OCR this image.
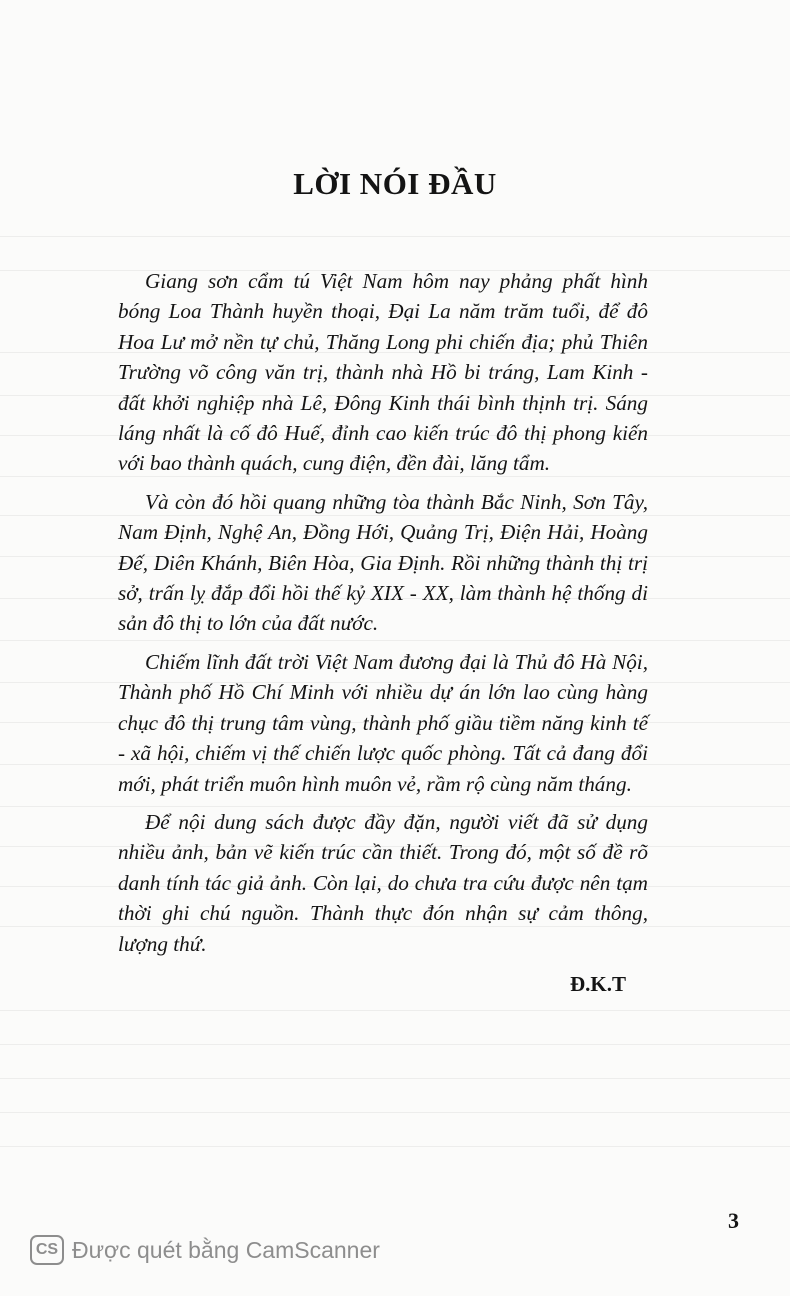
LỜI NÓI ĐẦU

Giang sơn cẩm tú Việt Nam hôm nay phảng phất hình bóng Loa Thành huyền thoại, Đại La năm trăm tuổi, để đô Hoa Lư mở nền tự chủ, Thăng Long phi chiến địa; phủ Thiên Trường võ công văn trị, thành nhà Hồ bi tráng, Lam Kinh - đất khởi nghiệp nhà Lê, Đông Kinh thái bình thịnh trị. Sáng láng nhất là cố đô Huế, đỉnh cao kiến trúc đô thị phong kiến với bao thành quách, cung điện, đền đài, lăng tẩm.

Và còn đó hồi quang những tòa thành Bắc Ninh, Sơn Tây, Nam Định, Nghệ An, Đồng Hới, Quảng Trị, Điện Hải, Hoàng Đế, Diên Khánh, Biên Hòa, Gia Định. Rồi những thành thị trị sở, trấn lỵ đắp đổi hồi thế kỷ XIX - XX, làm thành hệ thống di sản đô thị to lớn của đất nước.

Chiếm lĩnh đất trời Việt Nam đương đại là Thủ đô Hà Nội, Thành phố Hồ Chí Minh với nhiều dự án lớn lao cùng hàng chục đô thị trung tâm vùng, thành phố giầu tiềm năng kinh tế - xã hội, chiếm vị thế chiến lược quốc phòng. Tất cả đang đổi mới, phát triển muôn hình muôn vẻ, rầm rộ cùng năm tháng.

Để nội dung sách được đầy đặn, người viết đã sử dụng nhiều ảnh, bản vẽ kiến trúc cần thiết. Trong đó, một số đề rõ danh tính tác giả ảnh. Còn lại, do chưa tra cứu được nên tạm thời ghi chú nguồn. Thành thực đón nhận sự cảm thông, lượng thứ.

Đ.K.T
3
CS Được quét bằng CamScanner
